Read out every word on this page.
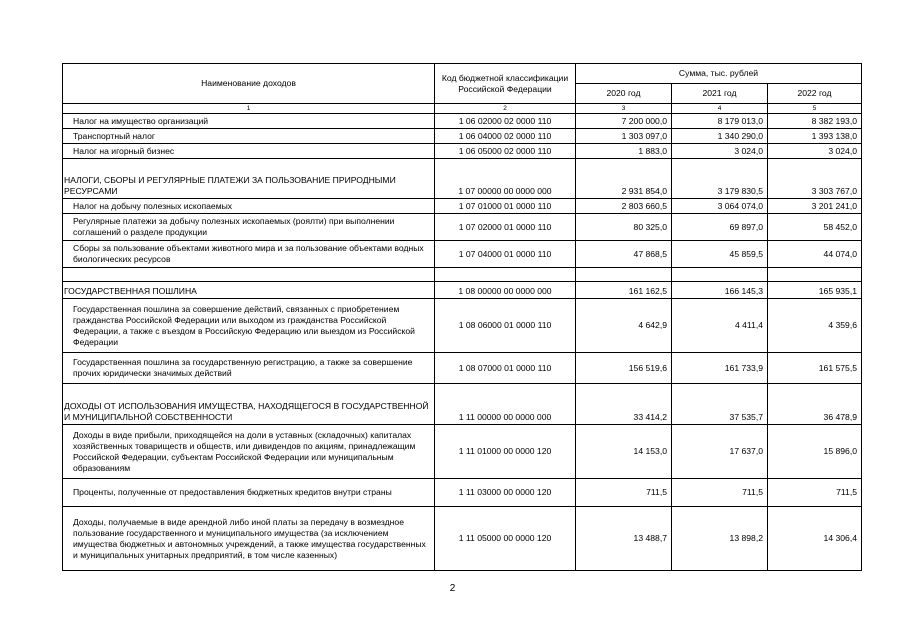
Наименование доходов	Код бюджетной классификации Российской Федерации	Сумма, тыс. рублей		
		2020 год	2021 год	2022 год
1	2	3	4	5
Налог на имущество организаций	1 06 02000 02 0000 110	7 200 000,0	8 179 013,0	8 382 193,0
Транспортный налог	1 06 04000 02 0000 110	1 303 097,0	1 340 290,0	1 393 138,0
Налог на игорный бизнес	1 06 05000 02 0000 110	1 883,0	3 024,0	3 024,0
НАЛОГИ, СБОРЫ И РЕГУЛЯРНЫЕ ПЛАТЕЖИ ЗА ПОЛЬЗОВАНИЕ ПРИРОДНЫМИ РЕСУРСАМИ	1 07 00000 00 0000 000	2 931 854,0	3 179 830,5	3 303 767,0
Налог на добычу полезных ископаемых	1 07 01000 01 0000 110	2 803 660,5	3 064 074,0	3 201 241,0
Регулярные платежи за добычу полезных ископаемых (роялти) при выполнении соглашений о разделе продукции	1 07 02000 01 0000 110	80 325,0	69 897,0	58 452,0
Сборы за пользование объектами животного мира и за пользование объектами водных биологических ресурсов	1 07 04000 01 0000 110	47 868,5	45 859,5	44 074,0

ГОСУДАРСТВЕННАЯ ПОШЛИНА	1 08 00000 00 0000 000	161 162,5	166 145,3	165 935,1
Государственная пошлина за совершение действий, связанных с приобретением гражданства Российской Федерации или выходом из гражданства Российской Федерации, а также с въездом в Российскую Федерацию или выездом из Российской Федерации	1 08 06000 01 0000 110	4 642,9	4 411,4	4 359,6
Государственная пошлина за государственную регистрацию, а также за совершение прочих юридически значимых действий	1 08 07000 01 0000 110	156 519,6	161 733,9	161 575,5
ДОХОДЫ ОТ ИСПОЛЬЗОВАНИЯ ИМУЩЕСТВА, НАХОДЯЩЕГОСЯ В ГОСУДАРСТВЕННОЙ И МУНИЦИПАЛЬНОЙ СОБСТВЕННОСТИ	1 11 00000 00 0000 000	33 414,2	37 535,7	36 478,9
Доходы в виде прибыли, приходящейся на доли в уставных (складочных) капиталах хозяйственных товариществ и обществ, или дивидендов по акциям, принадлежащим Российской Федерации, субъектам Российской Федерации или муниципальным образованиям	1 11 01000 00 0000 120	14 153,0	17 637,0	15 896,0
Проценты, полученные от предоставления бюджетных кредитов внутри страны	1 11 03000 00 0000 120	711,5	711,5	711,5
Доходы, получаемые в виде арендной либо иной платы за передачу в возмездное пользование государственного и муниципального имущества (за исключением имущества бюджетных и автономных учреждений, а также имущества государственных и муниципальных унитарных предприятий, в том числе казенных)	1 11 05000 00 0000 120	13 488,7	13 898,2	14 306,4
2
